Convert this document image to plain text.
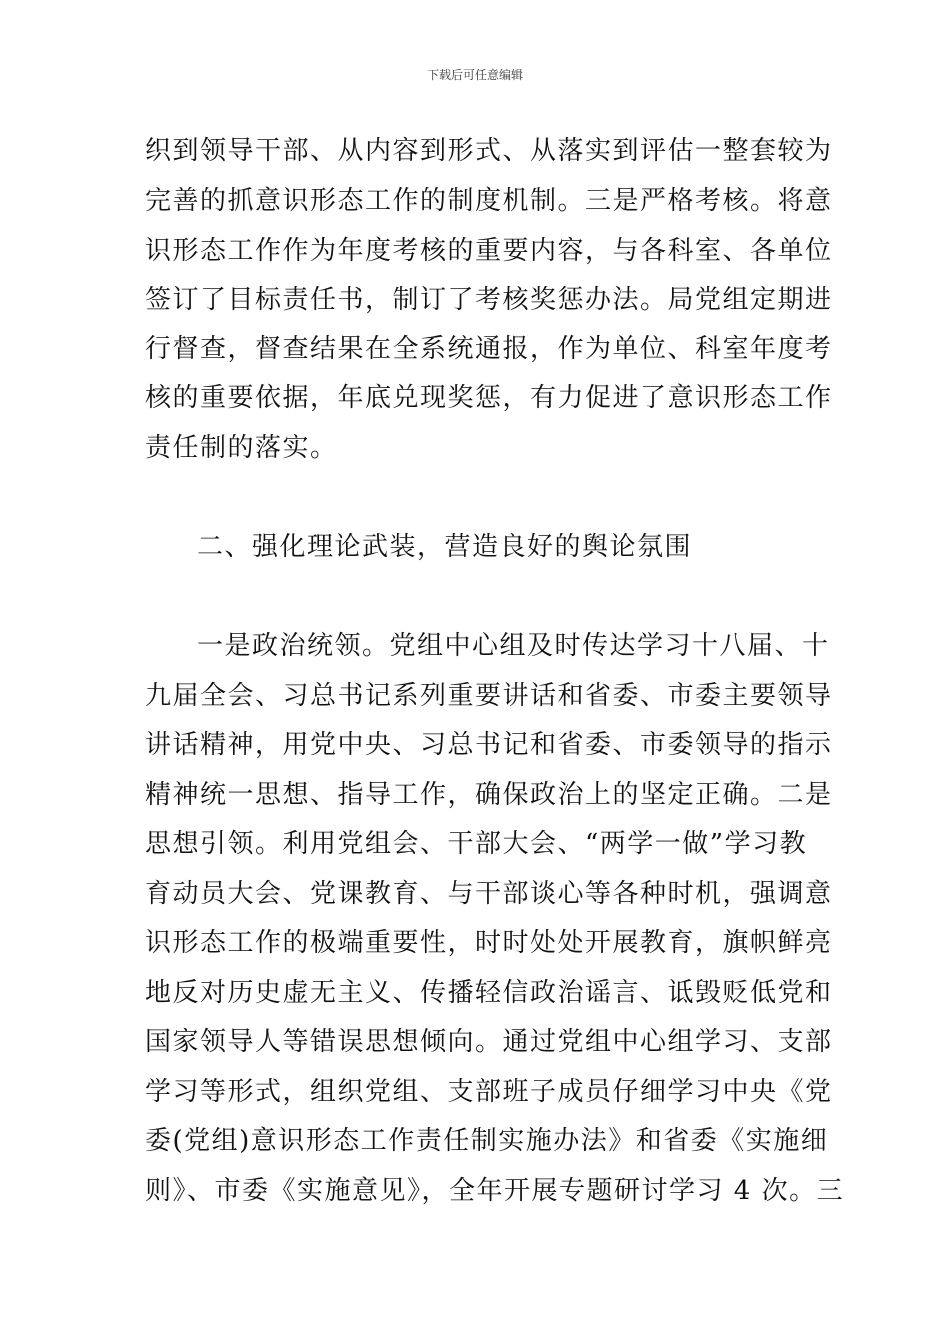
下载后可任意编辑
织到领导干部、从内容到形式、从落实到评估一整套较为
完善的抓意识形态工作的制度机制。三是严格考核。将意
识形态工作作为年度考核的重要内容，与各科室、各单位
签订了目标责任书，制订了考核奖惩办法。局党组定期进
行督查，督查结果在全系统通报，作为单位、科室年度考
核的重要依据，年底兑现奖惩，有力促进了意识形态工作
责任制的落实。
二、强化理论武装，营造良好的舆论氛围
一是政治统领。党组中心组及时传达学习十八届、十
九届全会、习总书记系列重要讲话和省委、市委主要领导
讲话精神，用党中央、习总书记和省委、市委领导的指示
精神统一思想、指导工作，确保政治上的坚定正确。二是
思想引领。利用党组会、干部大会、“两学一做”学习教
育动员大会、党课教育、与干部谈心等各种时机，强调意
识形态工作的极端重要性，时时处处开展教育，旗帜鲜亮
地反对历史虚无主义、传播轻信政治谣言、诋毁贬低党和
国家领导人等错误思想倾向。通过党组中心组学习、支部
学习等形式，组织党组、支部班子成员仔细学习中央《党
委(党组)意识形态工作责任制实施办法》和省委《实施细
则》、市委《实施意见》，全年开展专题研讨学习 4 次。三
